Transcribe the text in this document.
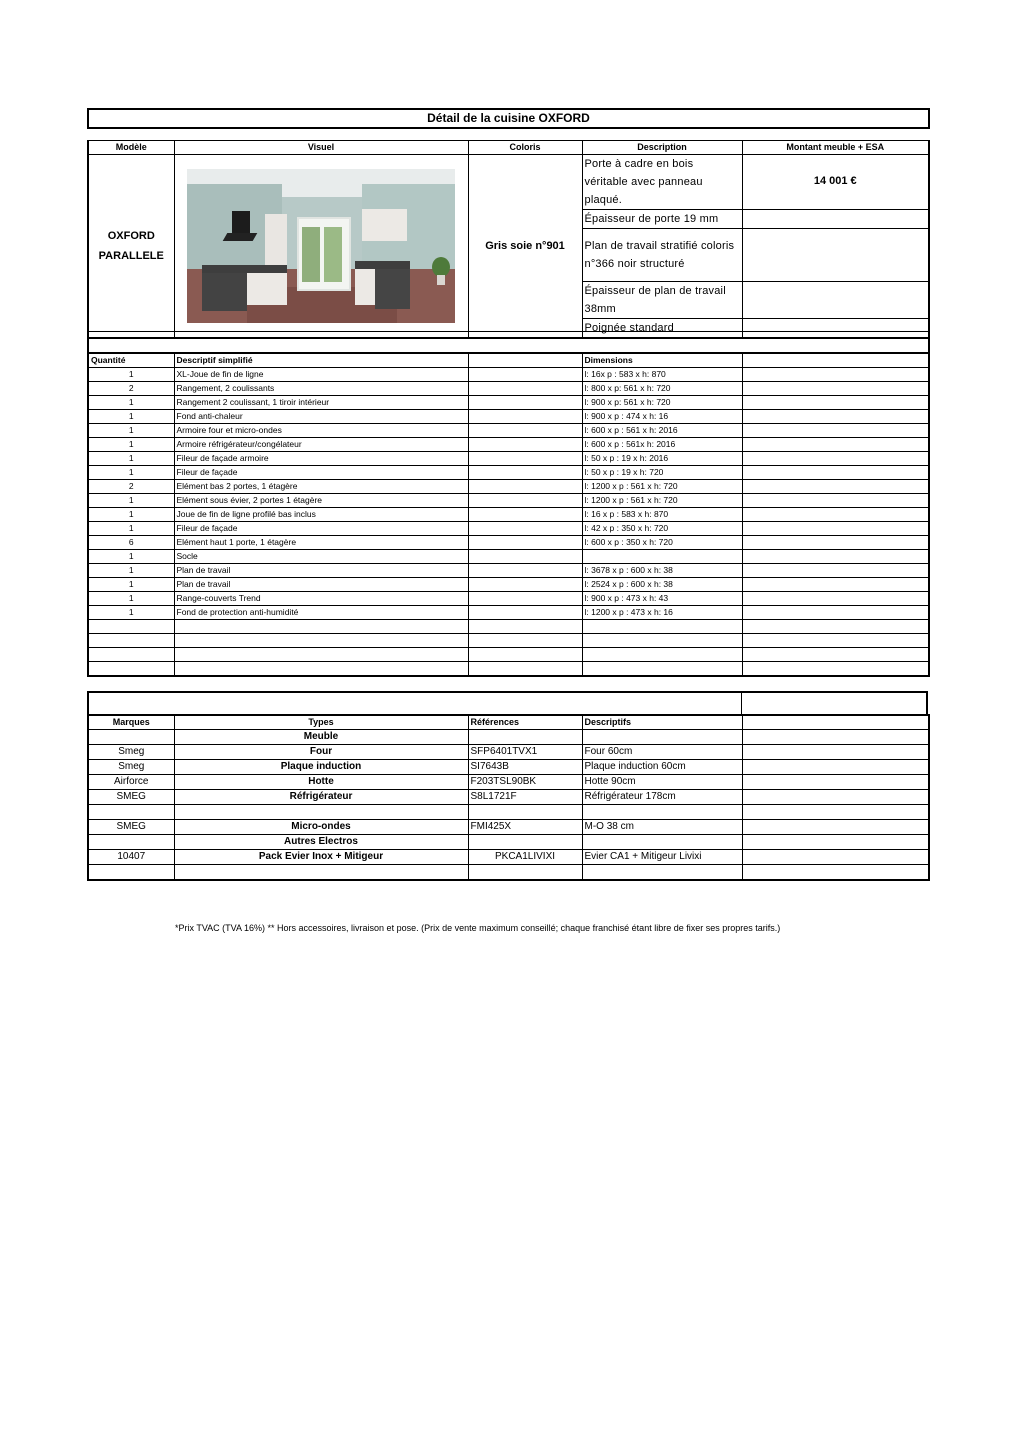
Détail de la cuisine OXFORD
Modèle	Visuel	Coloris	Description	Montant meuble + ESA
OXFORD
PARALLELE		Gris soie n°901	Porte à cadre en bois véritable avec panneau plaqué.	14 001 €
			Épaisseur de porte 19 mm	
			Plan de travail stratifié coloris n°366 noir structuré	
			Épaisseur de plan de travail 38mm	
			Poignée standard	
Quantité	Descriptif simplifié		Dimensions	
1	XL-Joue de fin de ligne		l: 16x p : 583 x h: 870	
2	Rangement, 2 coulissants		l: 800 x p: 561 x h: 720	
1	Rangement 2 coulissant, 1 tiroir intérieur		l: 900 x p: 561 x h: 720	
1	Fond anti-chaleur		l: 900 x p : 474 x h: 16	
1	Armoire four et micro-ondes		l: 600 x p : 561 x h: 2016	
1	Armoire réfrigérateur/congélateur		l: 600 x p : 561x h: 2016	
1	Fileur de façade armoire		l: 50 x p : 19 x h: 2016	
1	Fileur de façade		l: 50 x p : 19 x h: 720	
2	Elément bas 2 portes, 1 étagère		l: 1200 x p : 561 x h: 720	
1	Elément sous évier, 2 portes 1 étagère		l: 1200 x p : 561 x h: 720	
1	Joue de fin de ligne profilé bas inclus		l: 16 x p : 583 x h: 870	
1	Fileur de façade		l: 42 x p : 350 x h: 720	
6	Elément haut 1 porte, 1 étagère		l: 600 x p : 350 x h: 720	
1	Socle			
1	Plan de travail		l: 3678 x p : 600 x h: 38	
1	Plan de travail		l: 2524 x p : 600 x h: 38	
1	Range-couverts Trend		l: 900 x p : 473 x h: 43	
1	Fond de protection anti-humidité		l: 1200 x p : 473 x h: 16	

Marques	Types	Références	Descriptifs	
	Meuble			
Smeg	Four	SFP6401TVX1	Four 60cm	
Smeg	Plaque induction	SI7643B	Plaque induction 60cm	
Airforce	Hotte	F203TSL90BK	Hotte 90cm	
SMEG	Réfrigérateur	S8L1721F	Réfrigérateur 178cm	

SMEG	Micro-ondes	FMI425X	M-O 38 cm	
	Autres Electros			
10407	Pack Evier Inox + Mitigeur	PKCA1LIVIXI	Evier CA1 + Mitigeur Livixi	

*Prix TVAC (TVA 16%) ** Hors accessoires, livraison et pose. (Prix de vente maximum conseillé; chaque franchisé étant libre de fixer ses propres tarifs.)
